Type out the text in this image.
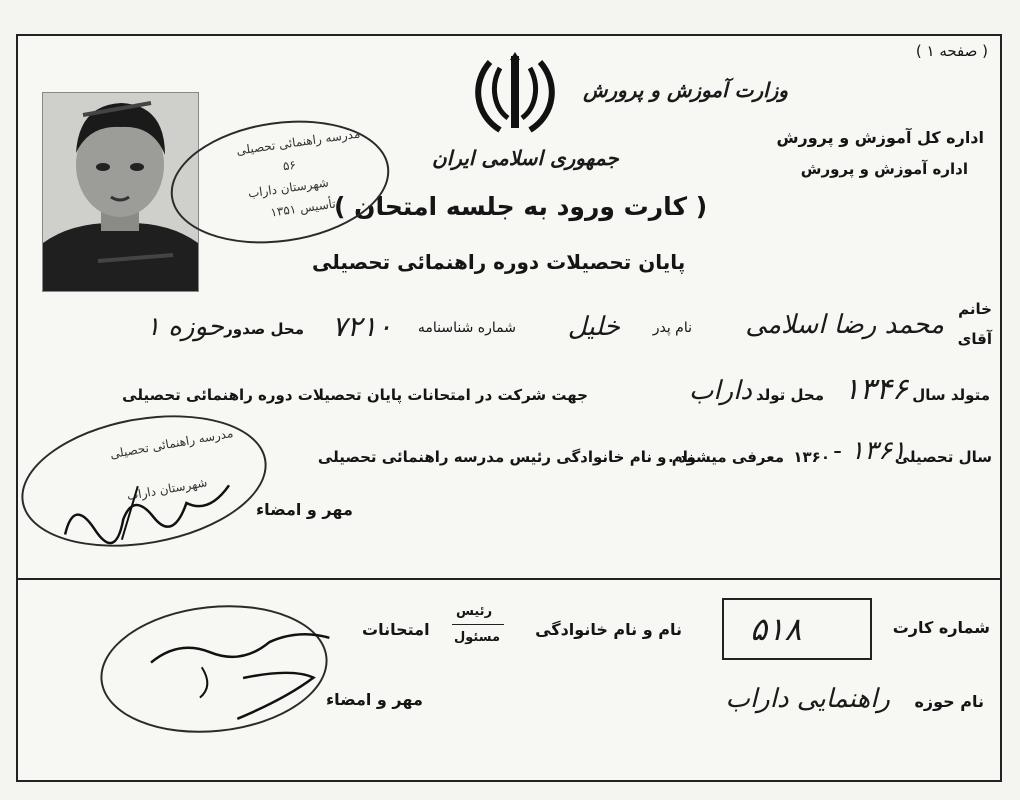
( صفحه ۱ )
وزارت آموزش و پرورش
اداره کل آموزش و پرورش
اداره آموزش و پرورش
جمهوری اسلامی ایران
( کارت ورود به جلسه امتحان )
پایان تحصیلات دوره راهنمائی تحصیلی
مدرسه راهنمائی تحصیلی
۵۶
شهرستان داراب
تأسیس ۱۳۵۱
خانم
آقای
محمد رضا اسلامی
نام پدر
خلیل
شماره شناسنامه
۷۲۱۰
محل صدور
حوزه ۱
متولد سال
۱۳۴۶
محل تولد
داراب
جهت شرکت در امتحانات پایان تحصیلات دوره راهنمائی تحصیلی
سال تحصیلی
۱۳۶۱ -
۱۳۶۰
معرفی میشود .
نام و نام خانوادگی رئیس مدرسه راهنمائی تحصیلی
مهر و امضاء
مدرسه راهنمائی تحصیلی
شهرستان داراب
شماره کارت
۵۱۸
نام و نام خانوادگی
رئیس
مسئول
امتحانات
مهر و امضاء	نام حوزه
راهنمایی داراب
